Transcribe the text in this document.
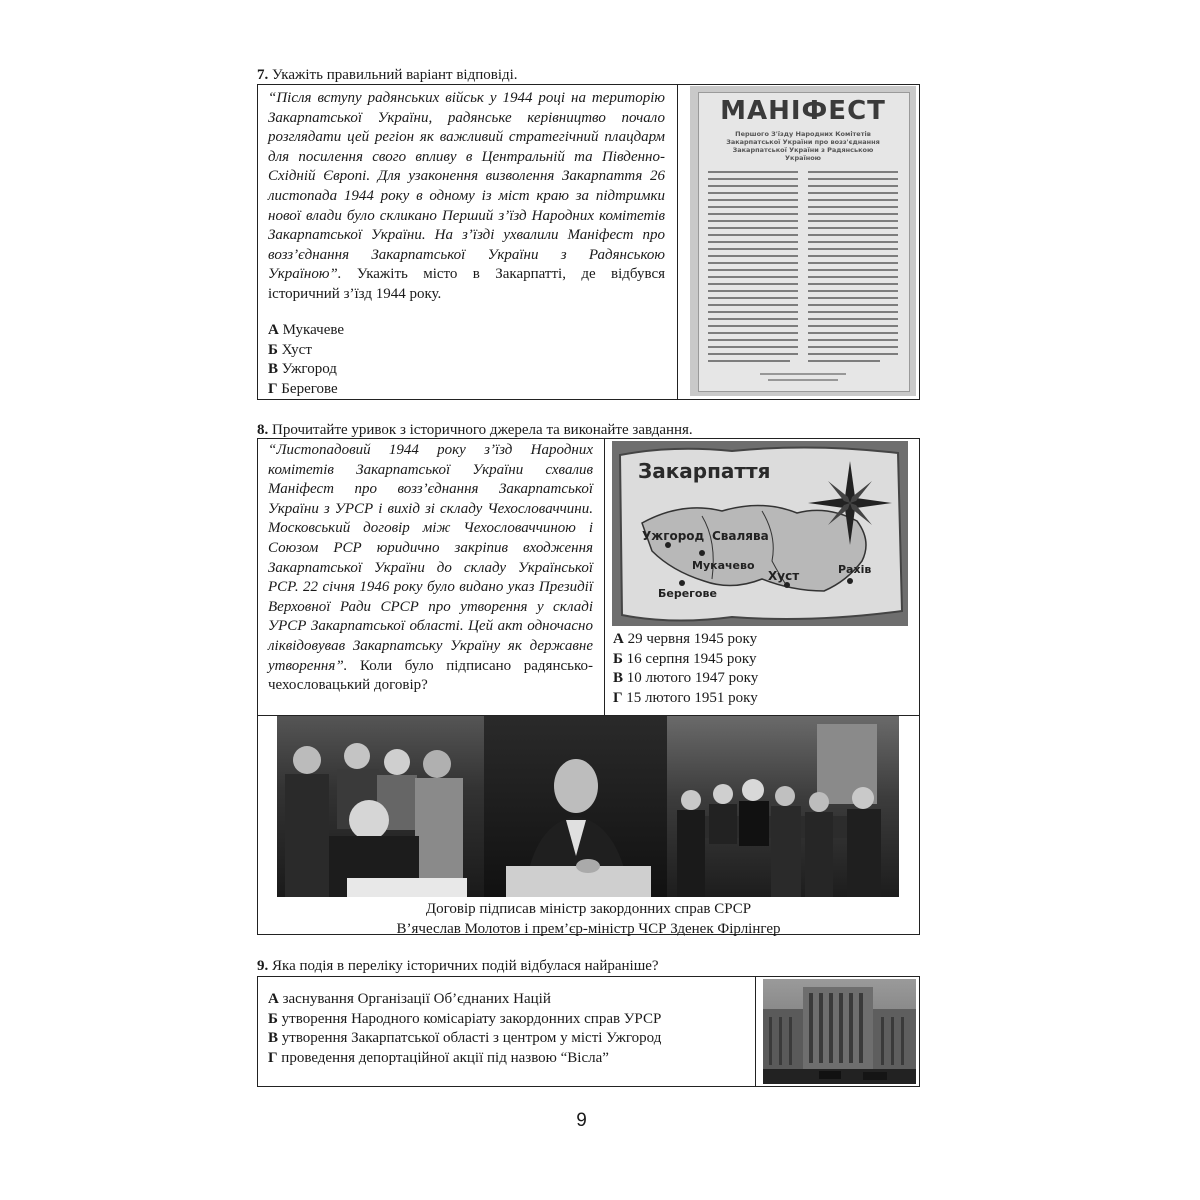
7. Укажіть правильний варіант відповіді.
“Після вступу радянських військ у 1944 році на територію Закарпатської України, радянське керівництво почало розглядати цей регіон як важливий стратегічний плацдарм для посилення свого впливу в Центральній та Південно-Східній Європі. Для узаконення визволення Закарпаття 26 листопада 1944 року в одному із міст краю за підтримки нової влади було скликано Перший з’їзд Народних комітетів Закарпатської України. На з’їзді ухвалили Маніфест про возз’єднання Закарпатської України з Радянською Україною”. Укажіть місто в Закарпатті, де відбувся історичний з’їзд 1944 року.
А Мукачеве
Б Хуст
В Ужгород
Г Берегове
МАНІФЕСТ
Першого З'їзду Народних Комітетів Закарпатської України про возз'єднання Закарпатської України з Радянською Україною
8. Прочитайте уривок з історичного джерела та виконайте завдання.
“Листопадовий 1944 року з’їзд Народних комітетів Закарпатської України схвалив Маніфест про возз’єднання Закарпатської України з УРСР і вихід зі складу Чехословаччини. Московський договір між Чехословаччиною і Союзом РСР юридично закріпив входження Закарпатської України до складу Української РСР. 22 січня 1946 року було видано указ Президії Верховної Ради СРСР про утворення у складі УРСР Закарпатської області. Цей акт одночасно ліквідовував Закарпатську Україну як державне утворення”. Коли було підписано радянсько-чехословацький договір?
Закарпаття
Ужгород Свалява
Мукачево
Берегове
Хуст	Рахів
А 29 червня 1945 року
Б 16 серпня 1945 року
В 10 лютого 1947 року
Г 15 лютого 1951 року
Договір підписав міністр закордонних справ СРСР
В’ячеслав Молотов і прем’єр-міністр ЧСР Зденек Фірлінгер
9. Яка подія в переліку історичних подій відбулася найраніше?
А заснування Організації Об’єднаних Націй
Б утворення Народного комісаріату закордонних справ УРСР
В утворення Закарпатської області з центром у місті Ужгород
Г проведення депортаційної акції під назвою “Вісла”
9
